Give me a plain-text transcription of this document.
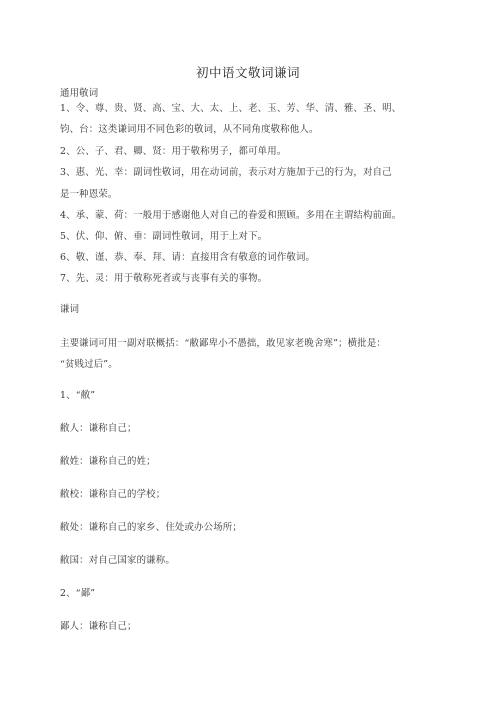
初中语文敬词谦词
通用敬词
1、令、尊、贵、贤、高、宝、大、太、上、老、玉、芳、华、清、雅、圣、明、
钧、台：这类谦词用不同色彩的敬词，从不同角度敬称他人。
2、公、子、君、卿、贤：用于敬称男子，都可单用。
3、惠、光、幸：副词性敬词，用在动词前，表示对方施加于己的行为，对自己
是一种恩荣。
4、承、蒙、荷：一般用于感谢他人对自己的眷爱和照顾。多用在主谓结构前面。
5、伏、仰、俯、垂：副词性敬词，用于上对下。
6、敬、谨、恭、奉、拜、请：直接用含有敬意的词作敬词。
7、先、灵：用于敬称死者或与丧事有关的事物。
谦词
主要谦词可用一副对联概括：“敝鄙卑小不愚拙，敢见家老晚舍寒”；横批是：
“贫贱过后”。
1、“敝”
敝人：谦称自己；
敝姓：谦称自己的姓；
敝校：谦称自己的学校；
敝处：谦称自己的家乡、住处或办公场所；
敝国：对自己国家的谦称。
2、“鄙”
鄙人：谦称自己；
